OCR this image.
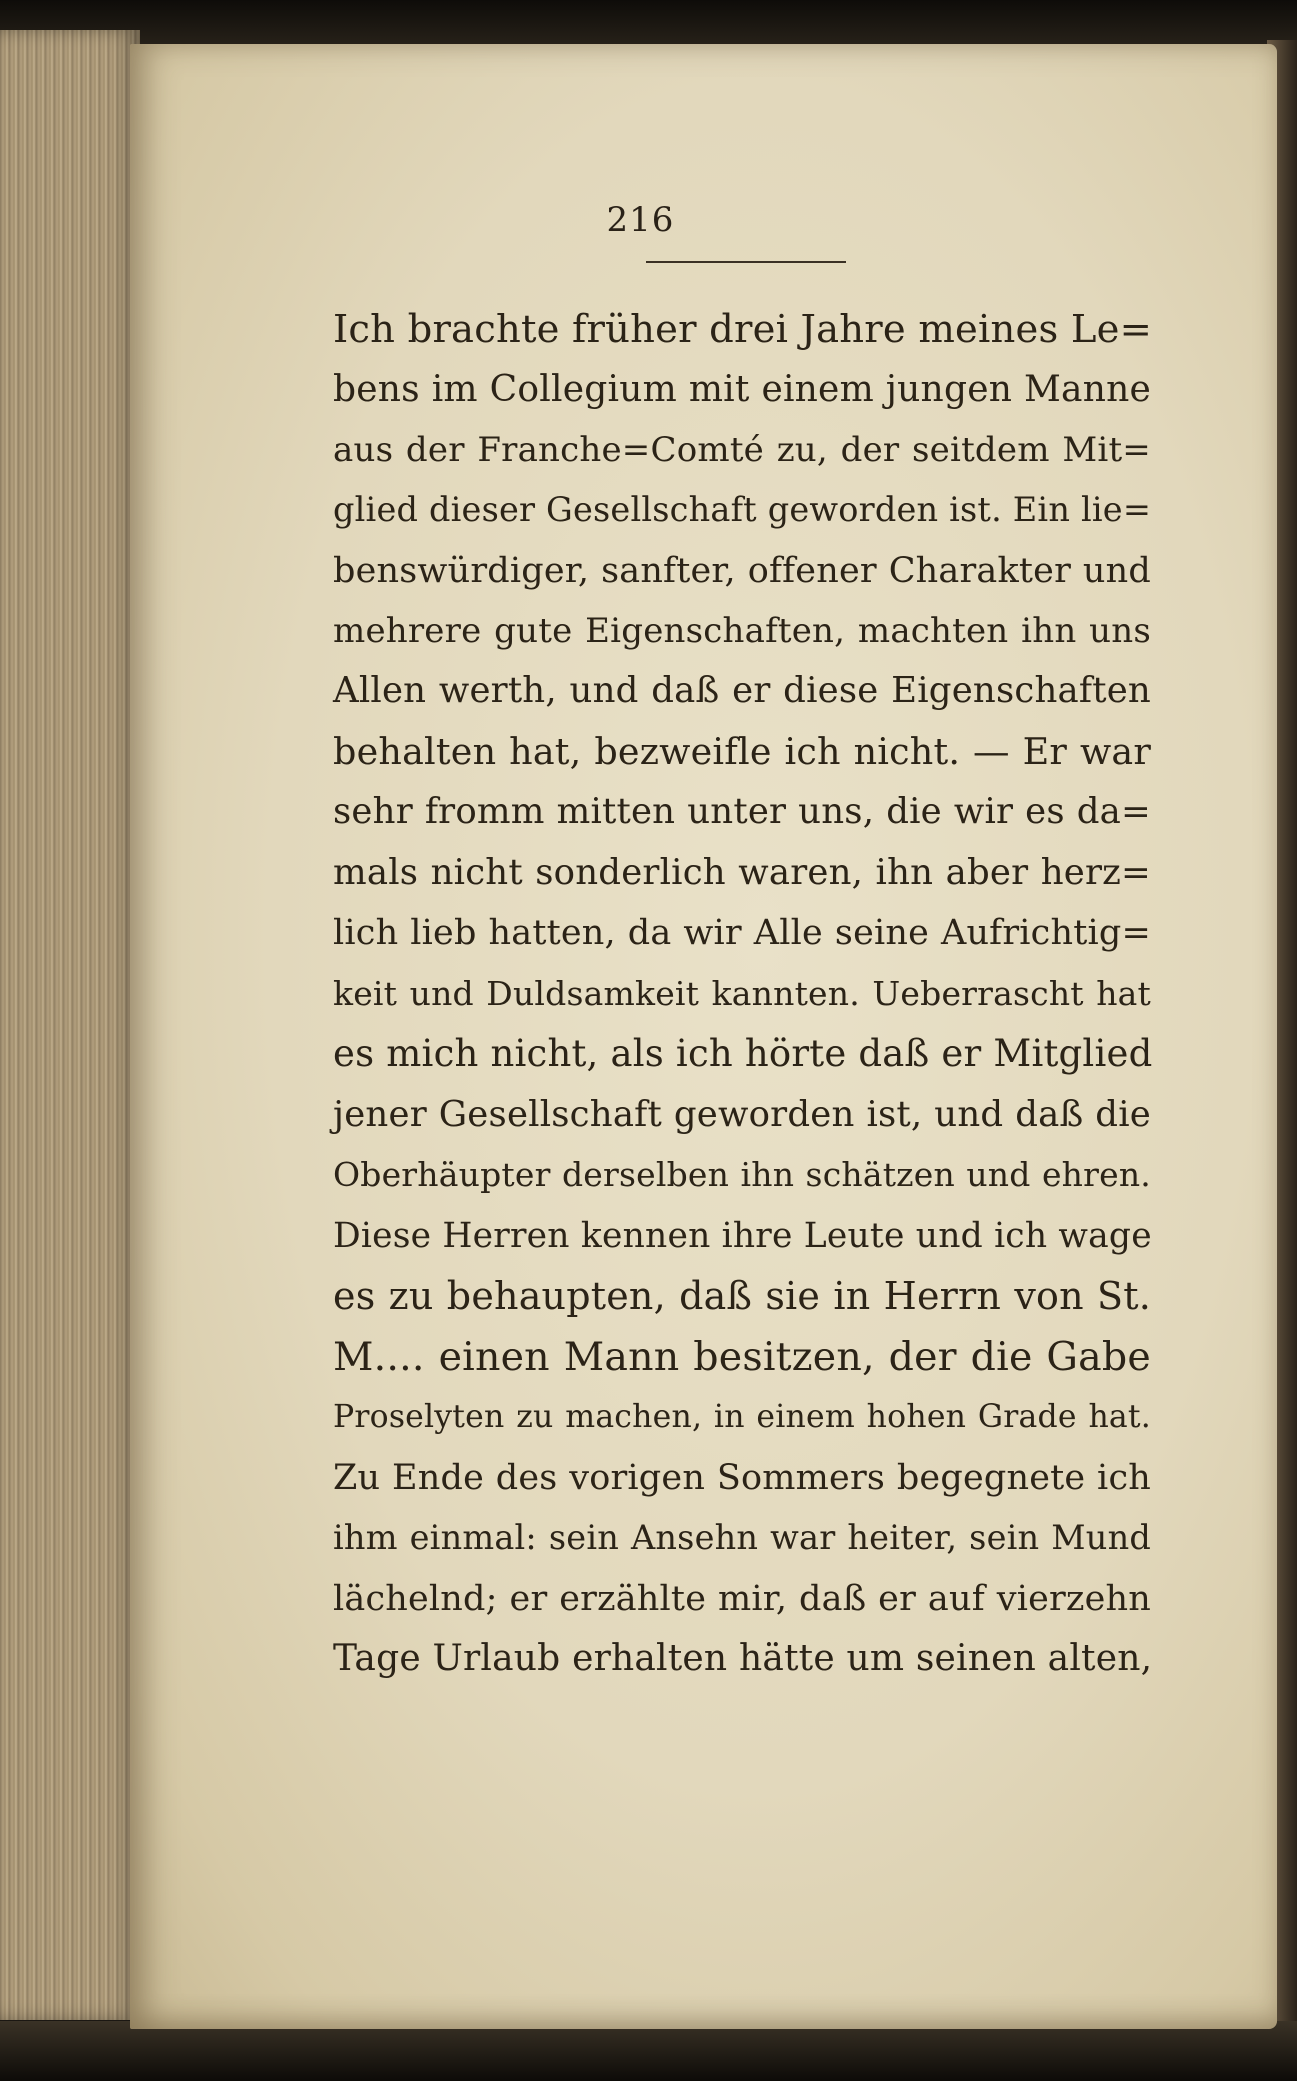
216
Ich brachte früher drei Jahre meines Le=
bens im Collegium mit einem jungen Manne
aus der Franche=Comté zu, der seitdem Mit=
glied dieser Gesellschaft geworden ist. Ein lie=
benswürdiger, sanfter, offener Charakter und
mehrere gute Eigenschaften, machten ihn uns
Allen werth, und daß er diese Eigenschaften
behalten hat, bezweifle ich nicht. — Er war
sehr fromm mitten unter uns, die wir es da=
mals nicht sonderlich waren, ihn aber herz=
lich lieb hatten, da wir Alle seine Aufrichtig=
keit und Duldsamkeit kannten. Ueberrascht hat
es mich nicht, als ich hörte daß er Mitglied
jener Gesellschaft geworden ist, und daß die
Oberhäupter derselben ihn schätzen und ehren.
Diese Herren kennen ihre Leute und ich wage
es zu behaupten, daß sie in Herrn von St.
M.... einen Mann besitzen, der die Gabe
Proselyten zu machen, in einem hohen Grade hat.
Zu Ende des vorigen Sommers begegnete ich
ihm einmal: sein Ansehn war heiter, sein Mund
lächelnd; er erzählte mir, daß er auf vierzehn
Tage Urlaub erhalten hätte um seinen alten,
